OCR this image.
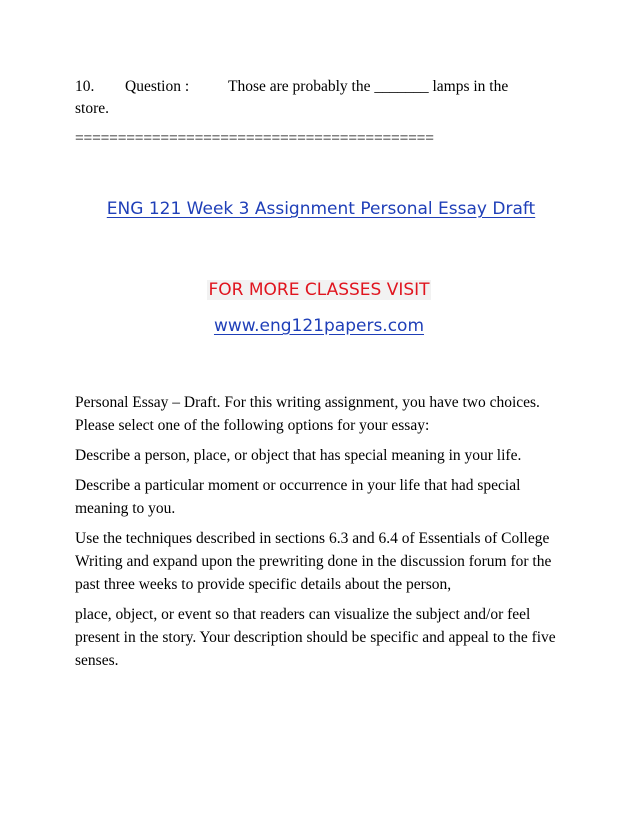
10.	Question :	Those are probably the _______ lamps in the
store.
==========================================
ENG 121 Week 3 Assignment Personal Essay Draft
FOR MORE CLASSES VISIT
www.eng121papers.com

Personal Essay – Draft. For this writing assignment, you have two choices. Please select one of the following options for your essay:

Describe a person, place, or object that has special meaning in your life.

Describe a particular moment or occurrence in your life that had special meaning to you.

Use the techniques described in sections 6.3 and 6.4 of Essentials of College Writing and expand upon the prewriting done in the discussion forum for the past three weeks to provide specific details about the person,

place, object, or event so that readers can visualize the subject and/or feel present in the story. Your description should be specific and appeal to the five senses.
